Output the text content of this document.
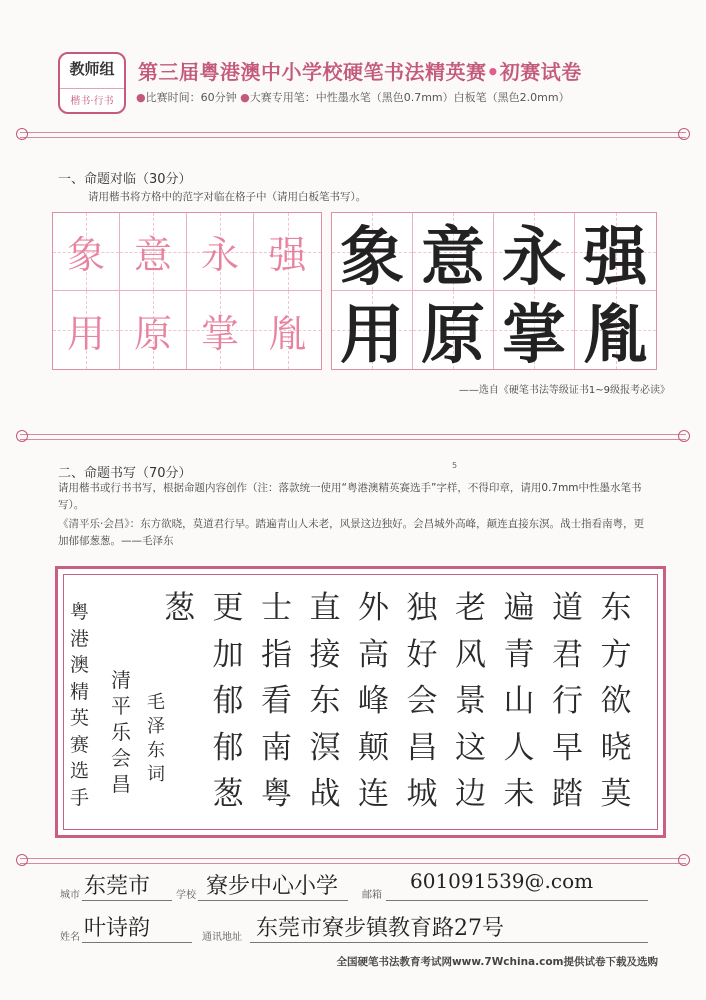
教师组
楷书·行书
第三届粤港澳中小学校硬笔书法精英赛•初赛试卷
●比赛时间：60分钟 ●大赛专用笔：中性墨水笔（黑色0.7mm）白板笔（黑色2.0mm）
一、命题对临（30分）
请用楷书将方格中的范字对临在格子中（请用白板笔书写）。
象 意 永 强
用 原 掌 胤
象 意 永 强
用 原 掌 胤
——选自《硬笔书法等级证书1~9级报考必读》
二、命题书写（70分）
5
请用楷书或行书书写，根据命题内容创作（注：落款统一使用“粤港澳精英赛选手”字样，不得印章，请用0.7mm中性墨水笔书写）。
《清平乐·会昌》：东方欲晓，莫道君行早。踏遍青山人未老，风景这边独好。会昌城外高峰，颠连直接东溟。战士指看南粤，更加郁郁葱葱。——毛泽东
东
方
欲
晓
莫
道
君
行
早
踏
遍
青
山
人
未
老
风
景
这
边
独
好
会
昌
城
外
高
峰
颠
连
直
接
东
溟
战
士
指
看
南
粤
更
加
郁
郁
葱
葱
毛
泽
东
词
清
平
乐
会
昌
粤
港
澳
精
英
赛
选
手
城市 东莞市	学校 寮步中心小学 邮箱
601091539@.com
姓名 叶诗韵	通讯地址 东莞市寮步镇教育路27号
全国硬笔书法教育考试网www.7Wchina.com提供试卷下载及选购
